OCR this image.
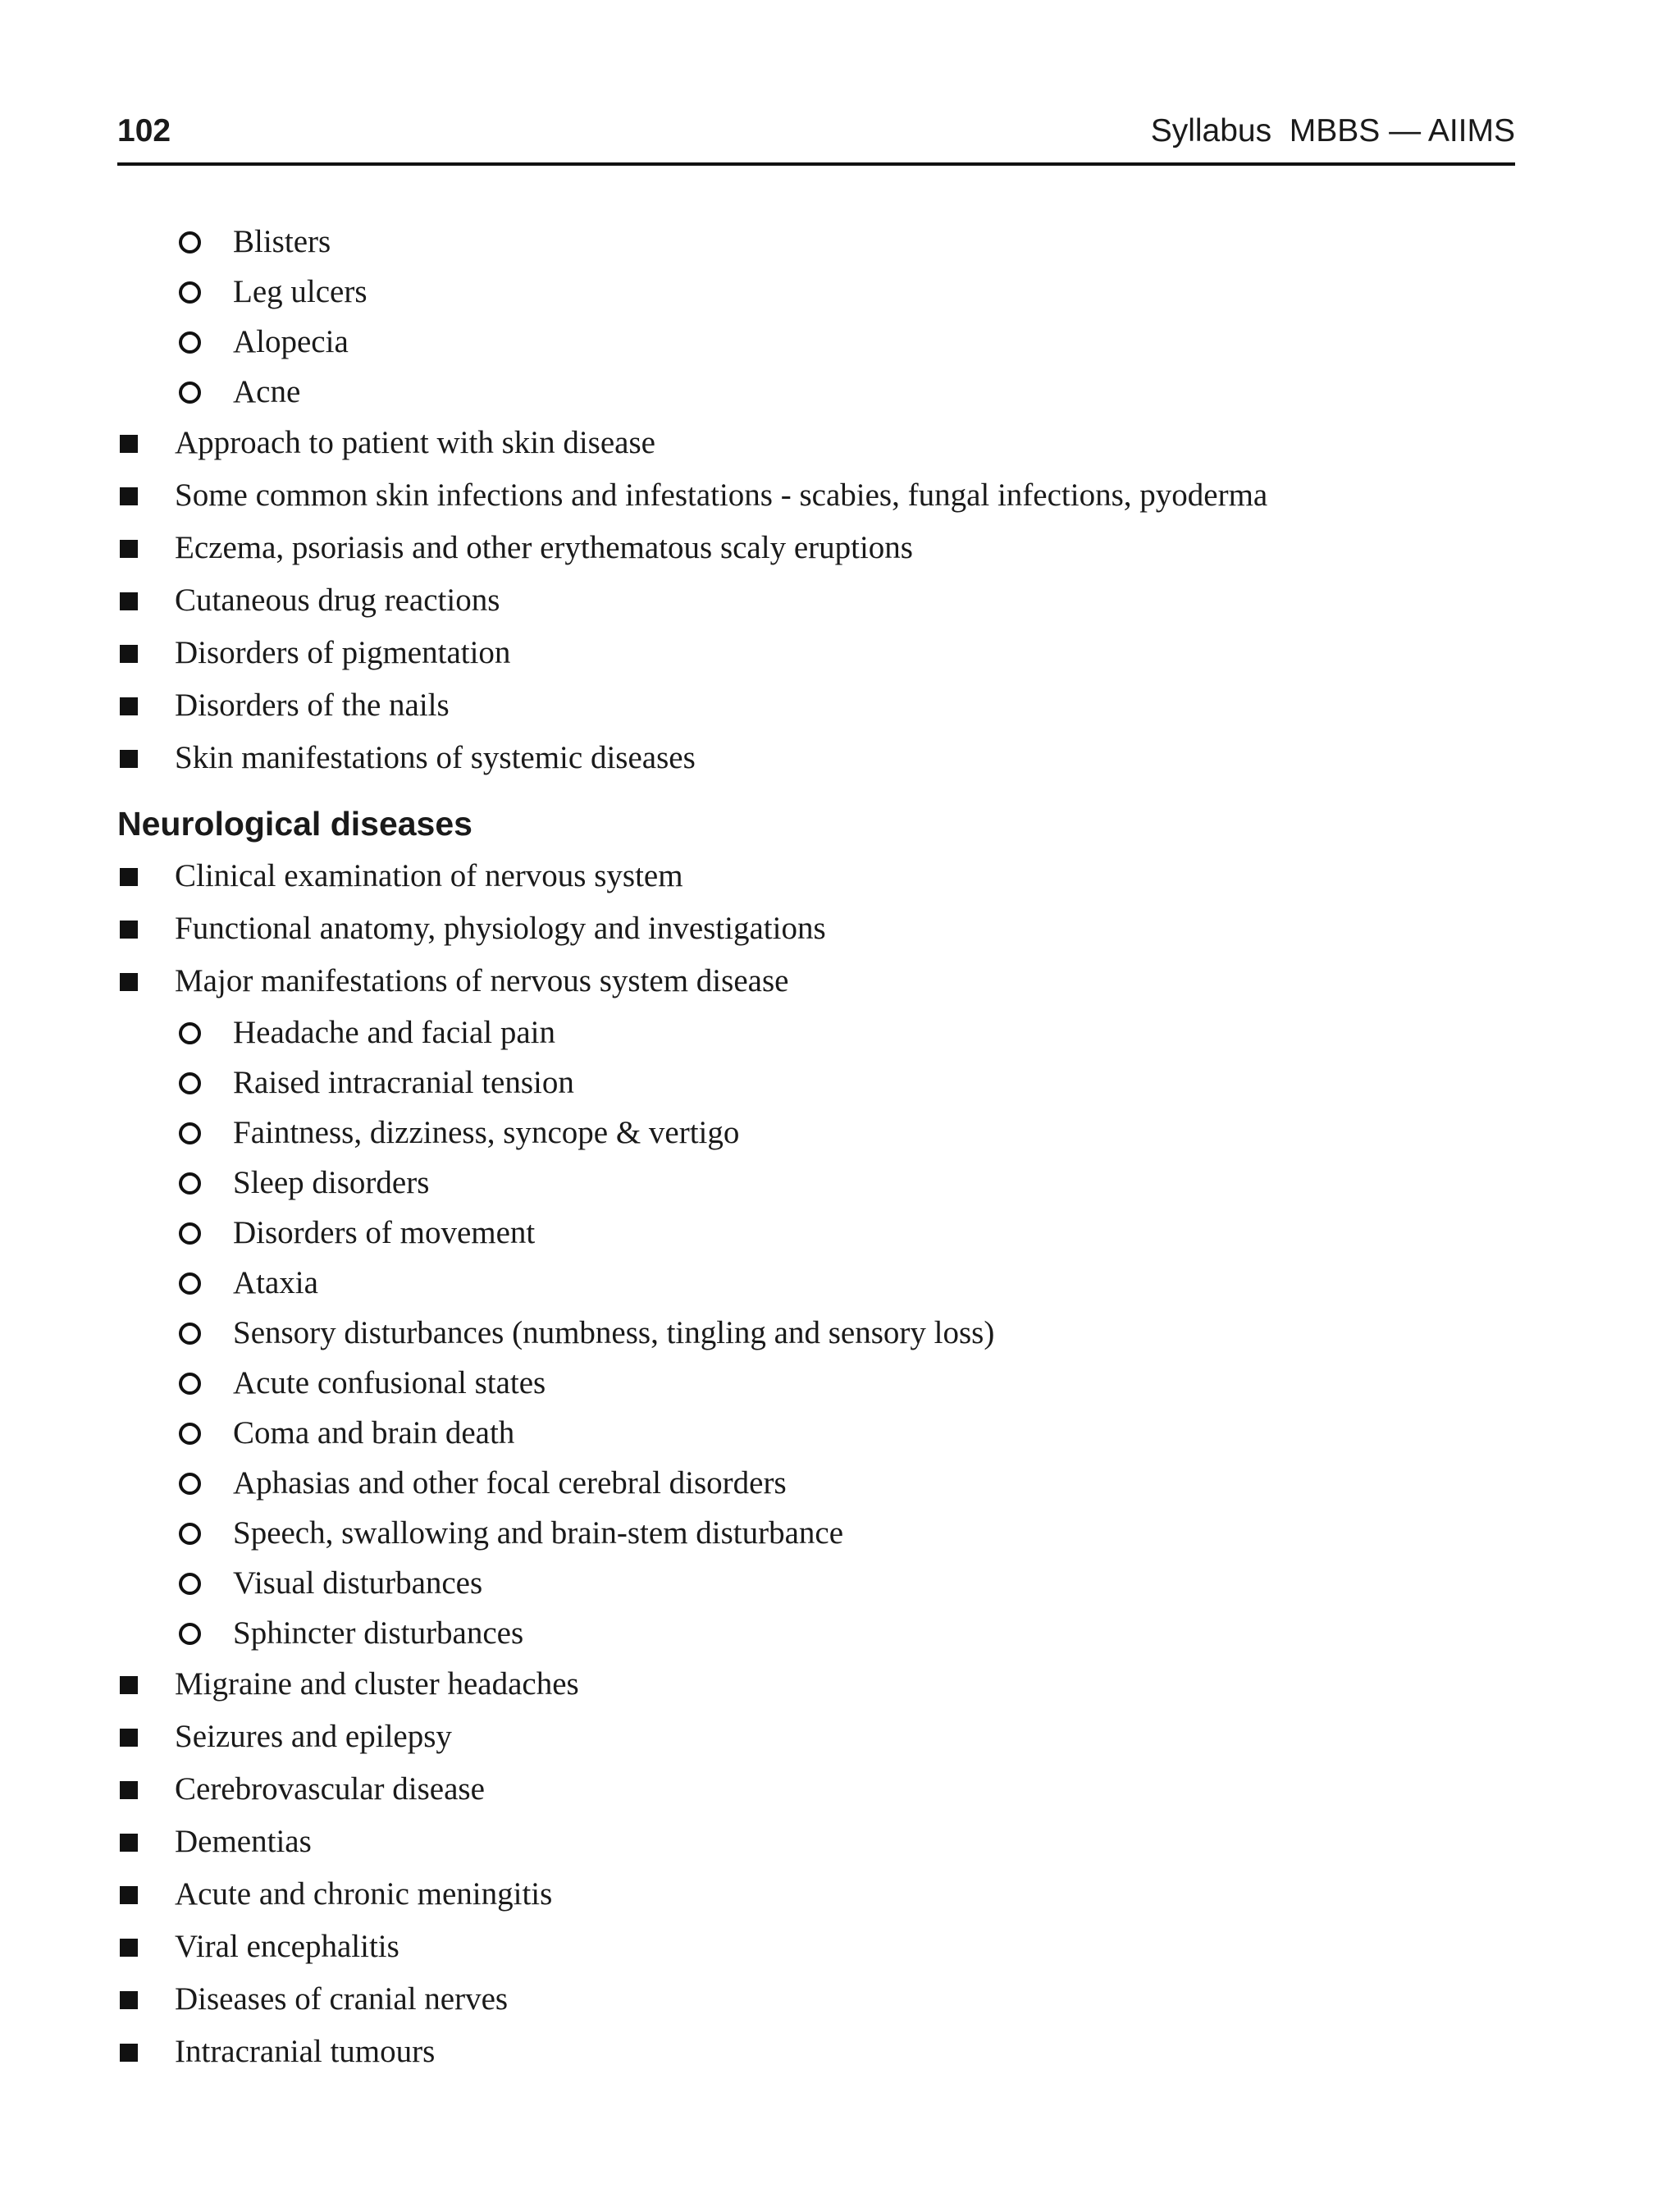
102	Syllabus  MBBS — AIIMS
Blisters
Leg ulcers
Alopecia
Acne
Approach to patient with skin disease
Some common skin infections and infestations - scabies, fungal infections, pyoderma
Eczema, psoriasis and other erythematous scaly eruptions
Cutaneous drug reactions
Disorders of pigmentation
Disorders of the nails
Skin manifestations of systemic diseases
Neurological diseases
Clinical examination of nervous system
Functional anatomy, physiology and investigations
Major manifestations of nervous system disease
Headache and facial pain
Raised intracranial tension
Faintness, dizziness, syncope & vertigo
Sleep disorders
Disorders of movement
Ataxia
Sensory disturbances (numbness, tingling and sensory loss)
Acute confusional states
Coma and brain death
Aphasias and other focal cerebral disorders
Speech, swallowing and brain-stem disturbance
Visual disturbances
Sphincter disturbances
Migraine and cluster headaches
Seizures and epilepsy
Cerebrovascular disease
Dementias
Acute and chronic meningitis
Viral encephalitis
Diseases of cranial nerves
Intracranial tumours
